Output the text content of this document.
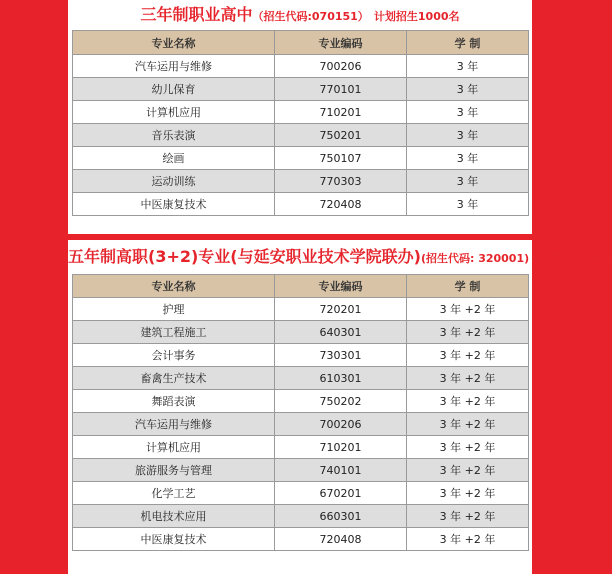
三年制职业高中（招生代码:070151） 计划招生1000名
专业名称	专业编码	学 制
汽车运用与维修	700206	3 年
幼儿保育	770101	3 年
计算机应用	710201	3 年
音乐表演	750201	3 年
绘画	750107	3 年
运动训练	770303	3 年
中医康复技术	720408	3 年
五年制高职(3+2)专业(与延安职业技术学院联办)(招生代码: 320001) 计划招生700名
专业名称	专业编码	学 制
护理	720201	3 年 +2 年
建筑工程施工	640301	3 年 +2 年
会计事务	730301	3 年 +2 年
畜禽生产技术	610301	3 年 +2 年
舞蹈表演	750202	3 年 +2 年
汽车运用与维修	700206	3 年 +2 年
计算机应用	710201	3 年 +2 年
旅游服务与管理	740101	3 年 +2 年
化学工艺	670201	3 年 +2 年
机电技术应用	660301	3 年 +2 年
中医康复技术	720408	3 年 +2 年
